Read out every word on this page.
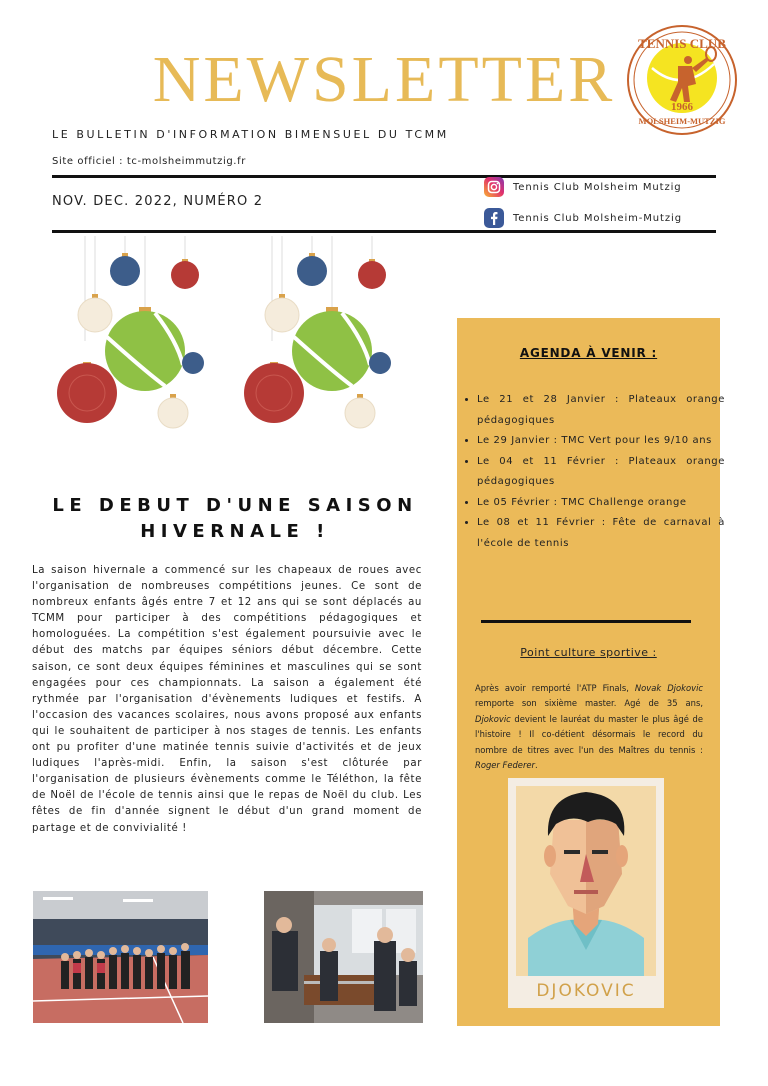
NEWSLETTER
LE BULLETIN D'INFORMATION BIMENSUEL DU TCMM
Site officiel : tc-molsheimmutzig.fr
NOV. DEC. 2022, NUMÉRO 2
Tennis Club Molsheim Mutzig
Tennis Club Molsheim-Mutzig
TENNIS CLUB
1966
MOLSHEIM-MUTZIG
LE DEBUT D'UNE SAISON HIVERNALE !
La saison hivernale a commencé sur les chapeaux de roues avec l'organisation de nombreuses compétitions jeunes. Ce sont de nombreux enfants âgés entre 7 et 12 ans qui se sont déplacés au TCMM pour participer à des compétitions pédagogiques et homologuées. La compétition s'est également poursuivie avec le début des matchs par équipes séniors début décembre. Cette saison, ce sont deux équipes féminines et masculines qui se sont engagées pour ces championnats. La saison a également été rythmée par l'organisation d'évènements ludiques et festifs. A l'occasion des vacances scolaires, nous avons proposé aux enfants qui le souhaitent de participer à nos stages de tennis. Les enfants ont pu profiter d'une matinée tennis suivie d'activités et de jeux ludiques l'après-midi. Enfin, la saison s'est clôturée par l'organisation de plusieurs évènements comme le Téléthon, la fête de Noël de l'école de tennis ainsi que le repas de Noël du club. Les fêtes de fin d'année signent le début d'un grand moment de partage et de convivialité !
AGENDA À VENIR :
• Le 21 et 28 Janvier : Plateaux orange pédagogiques
• Le 29 Janvier : TMC Vert pour les 9/10 ans
• Le 04 et 11 Février : Plateaux orange pédagogiques
• Le 05 Février : TMC Challenge orange
• Le 08 et 11 Février : Fête de carnaval à l'école de tennis
Point culture sportive :
Après avoir remporté l'ATP Finals, Novak Djokovic remporte son sixième master. Agé de 35 ans, Djokovic devient le lauréat du master le plus âgé de l'histoire ! Il co-détient désormais le record du nombre de titres avec l'un des Maîtres du tennis : Roger Federer.
DJOKOVIC
